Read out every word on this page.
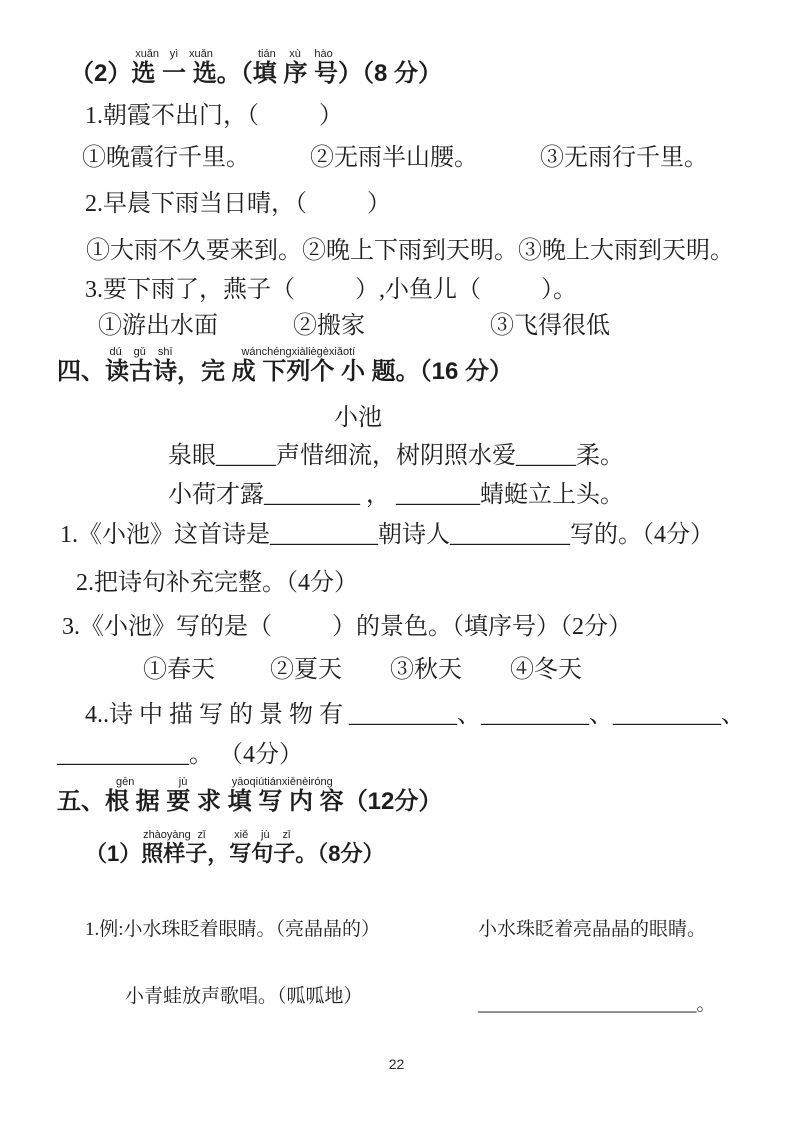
（2）选 一 选xuǎn yì xuǎn。（填 序 号tián xù hào）（8 分）
1.朝霞不出门，（          ）
①晚霞行千里。	②无雨半山腰。	③无雨行千里。
2.早晨下雨当日晴，（          ）
①大雨不久要来到。②晚上下雨到天明。③晚上大雨到天明。
3.要下雨了，燕子（          ）,小鱼儿（          ）。
①游出水面	②搬家	③飞得很低
四、读古诗dú gǔ shī，完 成 下列个 小 题wánchéngxiàliègèxiǎotí。（16 分）
小池
泉眼_____声惜细流，树阴照水爱_____柔。
小荷才露________ ， _______蜻蜓立上头。
1.《小池》这首诗是_________朝诗人__________写的。（4分）
2.把诗句补充完整。（4分）
3.《小池》写的是（          ）的景色。（填序号）（2分）
①春天 ②夏天 ③秋天 ④冬天
4..诗 中 描 写 的 景 物 有 _________、_________、_________、
___________。 （4分）
五、根 据 要 求 填 写 内 容gēn jù yāoqiútiánxiěnèiróng（12分）
（1）照样子zhàoyàng zǐ，写句子xiě jù zǐ。（8分）
1.例:小水珠眨着眼睛。（亮晶晶的）	小水珠眨着亮晶晶的眼睛。
小青蛙放声歌唱。（呱呱地）	_______________________。
22
